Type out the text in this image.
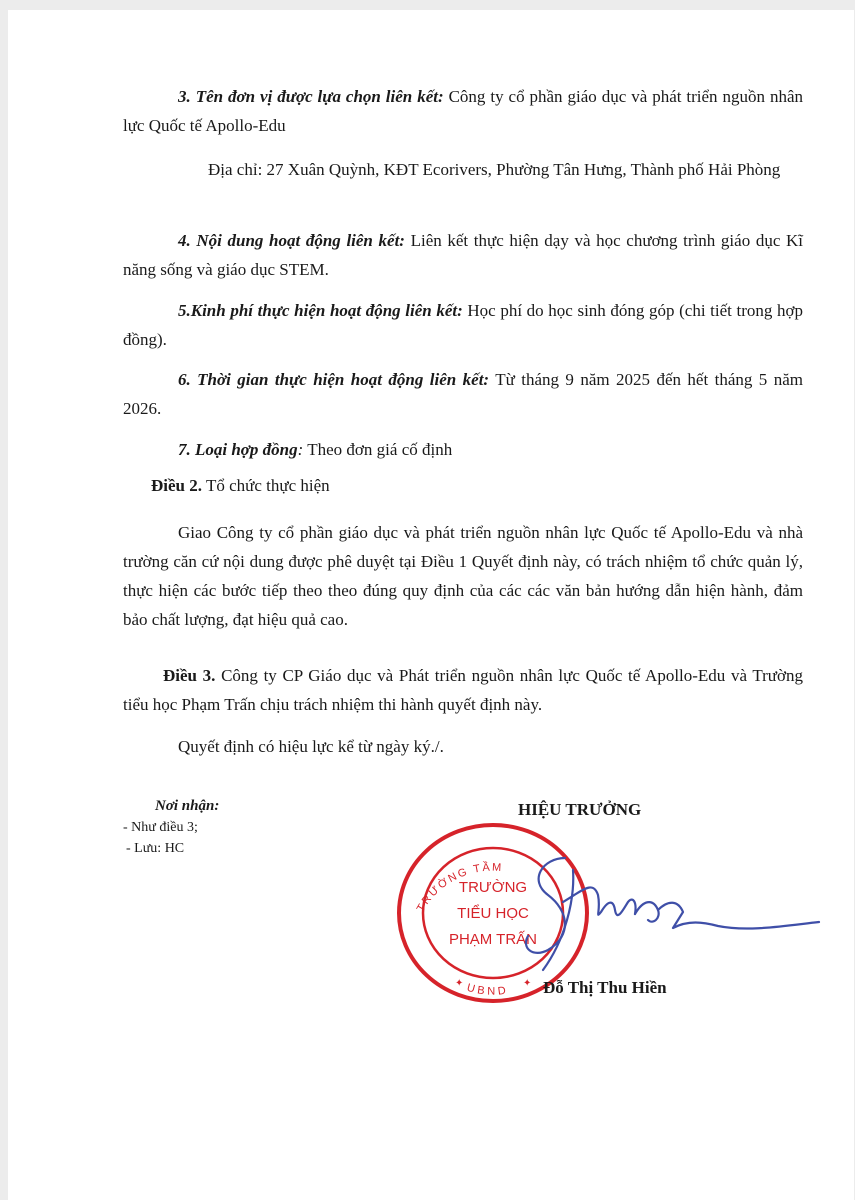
3. Tên đơn vị được lựa chọn liên kết: Công ty cổ phần giáo dục và phát triển nguồn nhân lực Quốc tế Apollo-Edu

Địa chỉ: 27 Xuân Quỳnh, KĐT Ecorivers, Phường Tân Hưng, Thành phố Hải Phòng

4. Nội dung hoạt động liên kết: Liên kết thực hiện dạy và học chương trình giáo dục Kĩ năng sống và giáo dục STEM.

5.Kinh phí thực hiện hoạt động liên kết: Học phí do học sinh đóng góp (chi tiết trong hợp đồng).

6. Thời gian thực hiện hoạt động liên kết: Từ tháng 9 năm 2025 đến hết tháng 5 năm 2026.

7. Loại hợp đồng: Theo đơn giá cố định

Điều 2. Tổ chức thực hiện

Giao Công ty cổ phần giáo dục và phát triển nguồn nhân lực Quốc tế Apollo-Edu và nhà trường căn cứ nội dung được phê duyệt tại Điều 1 Quyết định này, có trách nhiệm tổ chức quản lý, thực hiện các bước tiếp theo theo đúng quy định của các các văn bản hướng dẫn hiện hành, đảm bảo chất lượng, đạt hiệu quả cao.

Điều 3. Công ty CP Giáo dục và Phát triển nguồn nhân lực Quốc tế Apollo-Edu và Trường tiểu học Phạm Trấn chịu trách nhiệm thi hành quyết định này.

Quyết định có hiệu lực kể từ ngày ký./.

Nơi nhận:
- Như điều 3;
- Lưu: HC
HIỆU TRƯỞNG
TRƯỜNG TẦM
UBND
TRƯỜNG
TIỂU HỌC
PHẠM TRẤN
✦
✦	Đỗ Thị Thu Hiền
